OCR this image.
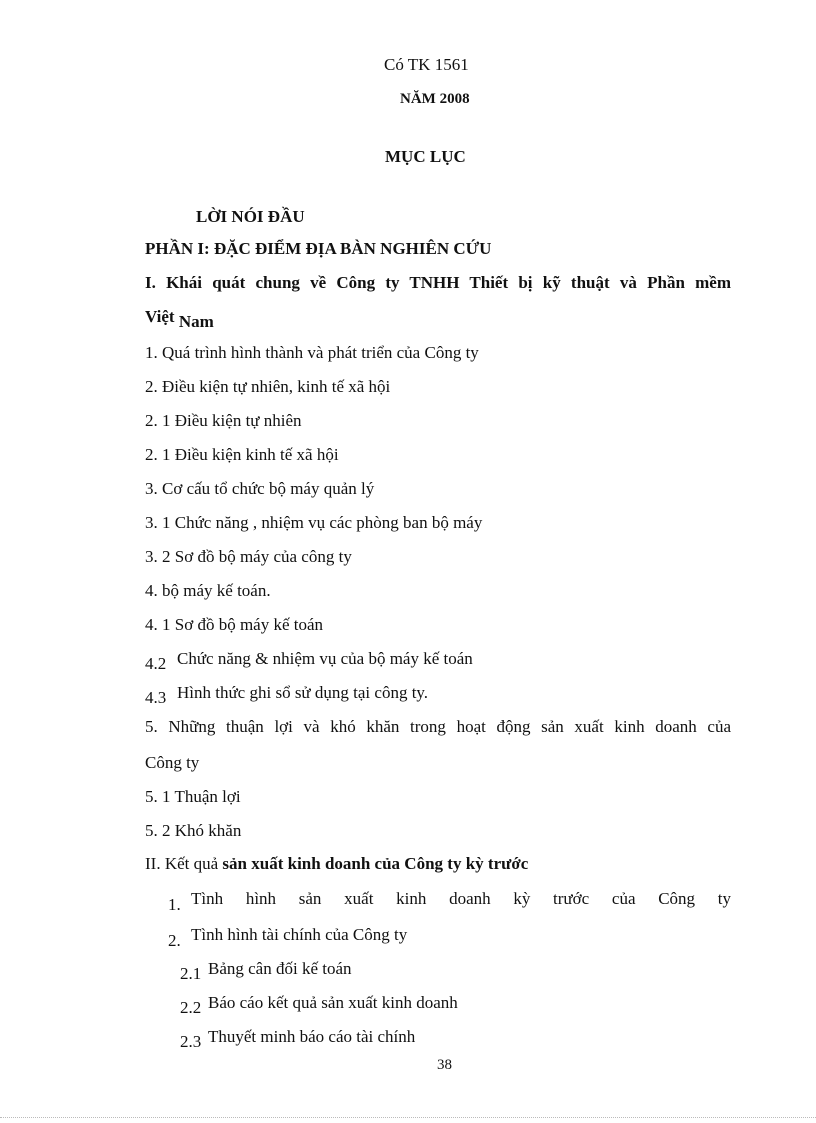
Có TK 1561
NĂM 2008
MỤC LỤC
LỜI NÓI ĐẦU
PHẦN I: ĐẶC ĐIỂM ĐỊA BÀN NGHIÊN CỨU
I. Khái quát chung về Công ty TNHH Thiết bị kỹ thuật và Phần mềm
Việt Nam
1. Quá trình hình thành và phát triển của Công ty
2. Điều kiện tự nhiên, kinh tế xã hội
2. 1 Điều kiện tự nhiên
2. 1 Điều kiện kinh tế xã hội
3. Cơ cấu tổ chức bộ máy quản lý
3. 1 Chức năng , nhiệm vụ các phòng ban bộ máy
3. 2 Sơ đồ bộ máy của công ty
4. bộ máy kế toán.
4. 1 Sơ đồ bộ máy kế toán
4.2 Chức năng & nhiệm vụ của bộ máy kế toán
4.3 Hình thức ghi sổ sử dụng tại công ty.
5. Những thuận lợi và khó khăn trong hoạt động sản xuất kinh doanh của
Công ty
5. 1 Thuận lợi
5. 2 Khó khăn
II. Kết quả sản xuất kinh doanh của Công ty kỳ trước
1. Tình hình sản xuất kinh doanh kỳ trước của Công ty
2. Tình hình tài chính của Công ty
2.1 Bảng cân đối kế toán
2.2 Báo cáo kết quả sản xuất kinh doanh
2.3 Thuyết minh báo cáo tài chính
38
